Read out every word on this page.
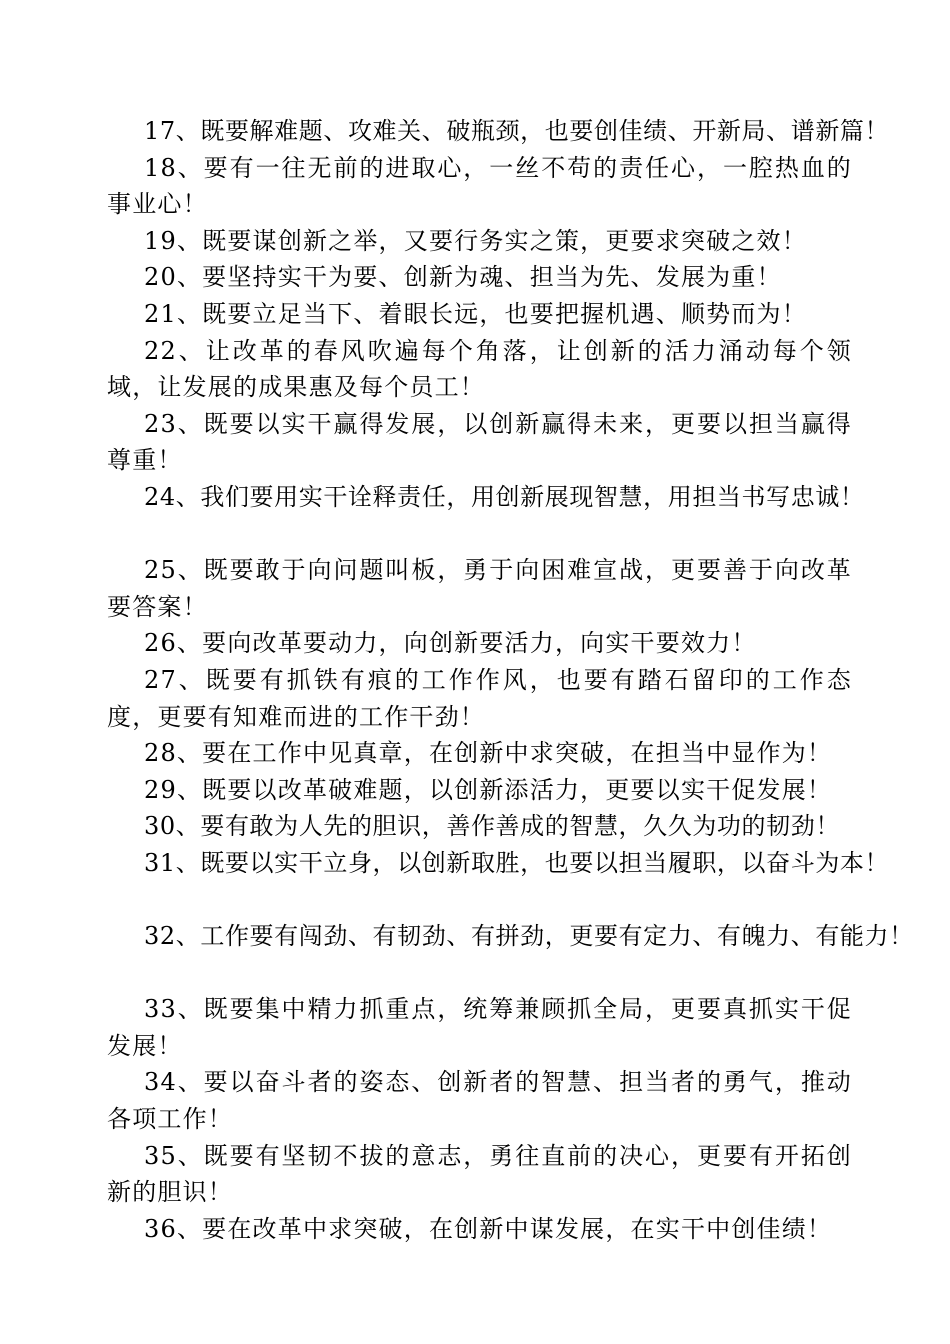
17、既要解难题、攻难关、破瓶颈，也要创佳绩、开新局、谱新篇！

18、要有一往无前的进取心，一丝不苟的责任心，一腔热血的事业心！

19、既要谋创新之举，又要行务实之策，更要求突破之效！

20、要坚持实干为要、创新为魂、担当为先、发展为重！

21、既要立足当下、着眼长远，也要把握机遇、顺势而为！

22、让改革的春风吹遍每个角落，让创新的活力涌动每个领域，让发展的成果惠及每个员工！

23、既要以实干赢得发展，以创新赢得未来，更要以担当赢得尊重！

24、我们要用实干诠释责任，用创新展现智慧，用担当书写忠诚！

25、既要敢于向问题叫板，勇于向困难宣战，更要善于向改革要答案！

26、要向改革要动力，向创新要活力，向实干要效力！

27、既要有抓铁有痕的工作作风，也要有踏石留印的工作态度，更要有知难而进的工作干劲！

28、要在工作中见真章，在创新中求突破，在担当中显作为！

29、既要以改革破难题，以创新添活力，更要以实干促发展！

30、要有敢为人先的胆识，善作善成的智慧，久久为功的韧劲！

31、既要以实干立身，以创新取胜，也要以担当履职，以奋斗为本！

32、工作要有闯劲、有韧劲、有拼劲，更要有定力、有魄力、有能力！

33、既要集中精力抓重点，统筹兼顾抓全局，更要真抓实干促发展！

34、要以奋斗者的姿态、创新者的智慧、担当者的勇气，推动各项工作！

35、既要有坚韧不拔的意志，勇往直前的决心，更要有开拓创新的胆识！

36、要在改革中求突破，在创新中谋发展，在实干中创佳绩！
